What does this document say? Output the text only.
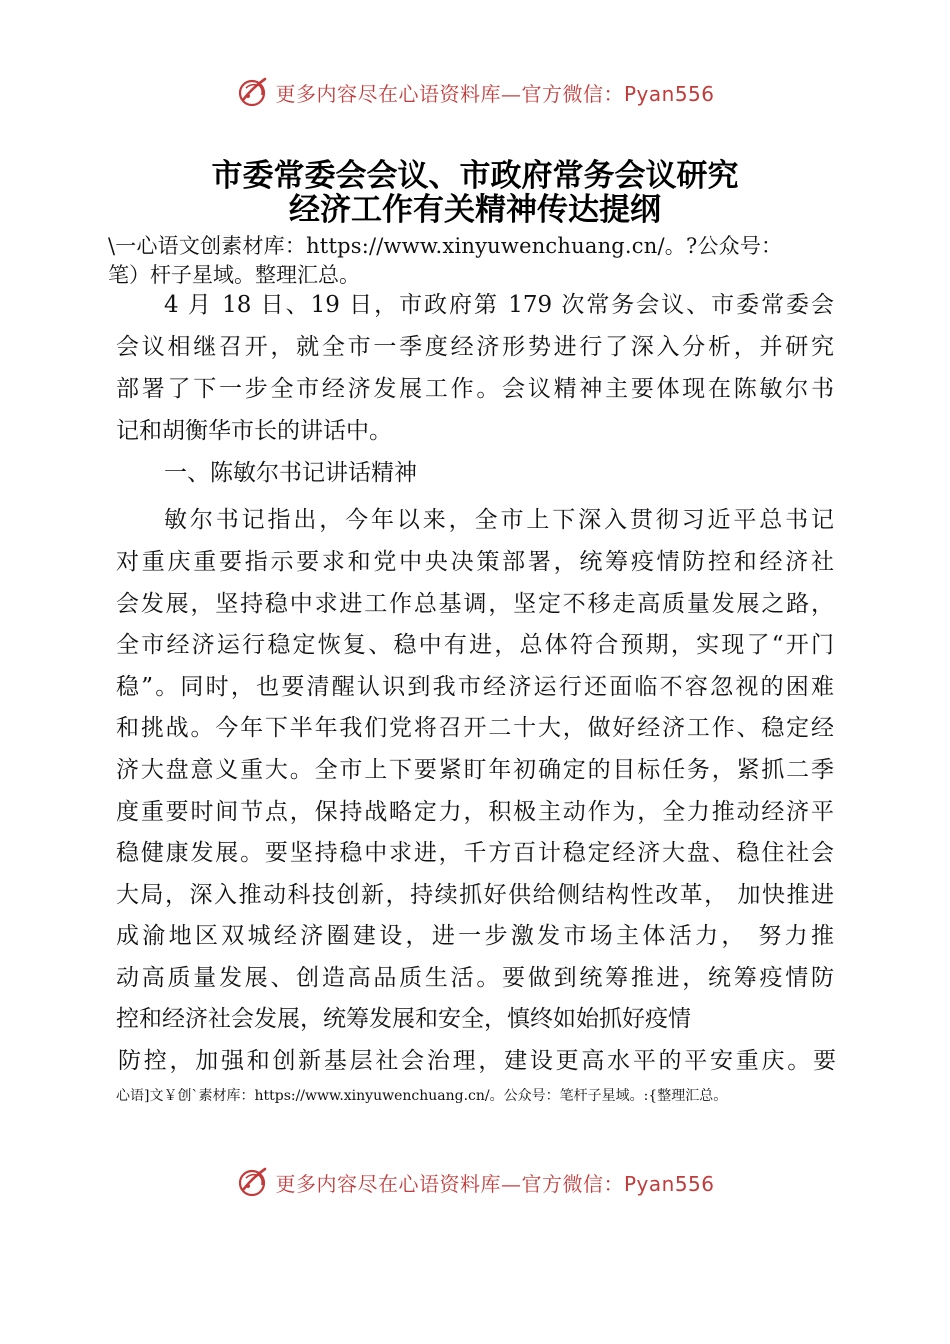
更多内容尽在心语资料库—官方微信：Pyan556
市委常委会会议、市政府常务会议研究
经济工作有关精神传达提纲
\一心语文创素材库：https://www.xinyuwenchuang.cn/。?公众号：
笔）杆子星域。整理汇总。
4 月 18 日、19 日，市政府第 179 次常务会议、市委常委会
会议相继召开，就全市一季度经济形势进行了深入分析，并研究
部署了下一步全市经济发展工作。会议精神主要体现在陈敏尔书
记和胡衡华市长的讲话中。
一、陈敏尔书记讲话精神
敏尔书记指出，今年以来，全市上下深入贯彻习近平总书记
对重庆重要指示要求和党中央决策部署，统筹疫情防控和经济社
会发展，坚持稳中求进工作总基调，坚定不移走高质量发展之路，
全市经济运行稳定恢复、稳中有进，总体符合预期，实现了“开门
稳”。同时，也要清醒认识到我市经济运行还面临不容忽视的困难
和挑战。今年下半年我们党将召开二十大，做好经济工作、稳定经
济大盘意义重大。全市上下要紧盯年初确定的目标任务，紧抓二季
度重要时间节点，保持战略定力，积极主动作为，全力推动经济平
稳健康发展。要坚持稳中求进，千方百计稳定经济大盘、稳住社会
大局，深入推动科技创新，持续抓好供给侧结构性改革， 加快推进
成渝地区双城经济圈建设，进一步激发市场主体活力， 努力推
动高质量发展、创造高品质生活。要做到统筹推进，统筹疫情防
控和经济社会发展，统筹发展和安全，慎终如始抓好疫情
防控，加强和创新基层社会治理，建设更高水平的平安重庆。要
心语]文￥创`素材库：https://www.xinyuwenchuang.cn/。公众号：笔杆子星域。:{整理汇总。
更多内容尽在心语资料库—官方微信：Pyan556
